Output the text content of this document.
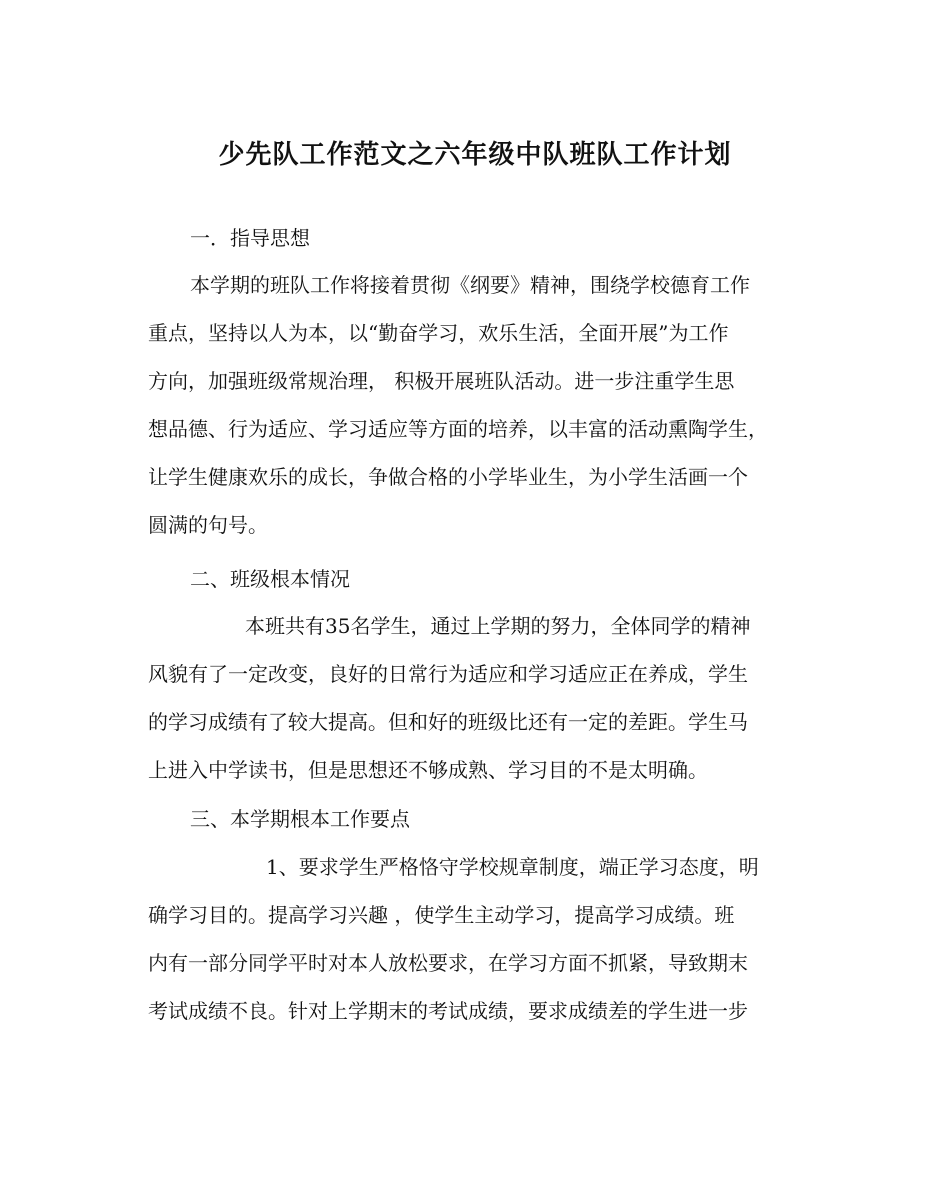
少先队工作范文之六年级中队班队工作计划
一．指导思想
本学期的班队工作将接着贯彻《纲要》精神，围绕学校德育工作
重点，坚持以人为本，以“勤奋学习，欢乐生活，全面开展”为工作
方向，加强班级常规治理， 积极开展班队活动。进一步注重学生思
想品德、行为适应、学习适应等方面的培养，以丰富的活动熏陶学生，
让学生健康欢乐的成长，争做合格的小学毕业生，为小学生活画一个
圆满的句号。
二、班级根本情况
本班共有35名学生，通过上学期的努力，全体同学的精神
风貌有了一定改变，良好的日常行为适应和学习适应正在养成，学生
的学习成绩有了较大提高。但和好的班级比还有一定的差距。学生马
上进入中学读书，但是思想还不够成熟、学习目的不是太明确。
三、本学期根本工作要点
1、要求学生严格恪守学校规章制度，端正学习态度，明
确学习目的。提高学习兴趣 ，使学生主动学习，提高学习成绩。班
内有一部分同学平时对本人放松要求，在学习方面不抓紧，导致期末
考试成绩不良。针对上学期末的考试成绩，要求成绩差的学生进一步
